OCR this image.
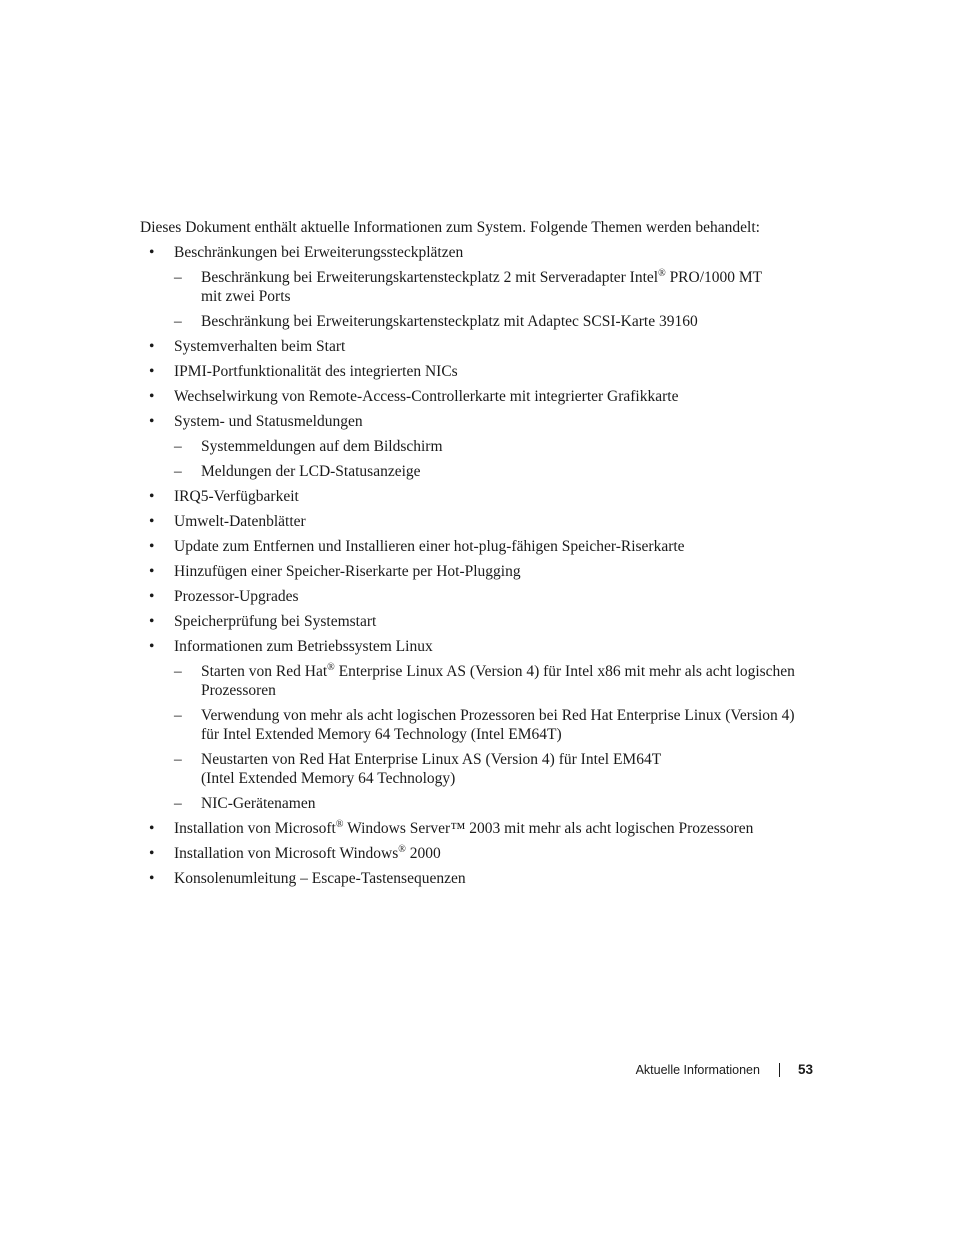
Dieses Dokument enthält aktuelle Informationen zum System. Folgende Themen werden behandelt:

• Beschränkungen bei Erweiterungssteckplätzen
– Beschränkung bei Erweiterungskartensteckplatz 2 mit Serveradapter Intel® PRO/1000 MT
mit zwei Ports
– Beschränkung bei Erweiterungskartensteckplatz mit Adaptec SCSI-Karte 39160
• Systemverhalten beim Start
• IPMI-Portfunktionalität des integrierten NICs
• Wechselwirkung von Remote-Access-Controllerkarte mit integrierter Grafikkarte
• System- und Statusmeldungen
– Systemmeldungen auf dem Bildschirm
– Meldungen der LCD-Statusanzeige
• IRQ5-Verfügbarkeit
• Umwelt-Datenblätter
• Update zum Entfernen und Installieren einer hot-plug-fähigen Speicher-Riserkarte
• Hinzufügen einer Speicher-Riserkarte per Hot-Plugging
• Prozessor-Upgrades
• Speicherprüfung bei Systemstart
• Informationen zum Betriebssystem Linux
– Starten von Red Hat® Enterprise Linux AS (Version 4) für Intel x86 mit mehr als acht logischen
Prozessoren
– Verwendung von mehr als acht logischen Prozessoren bei Red Hat Enterprise Linux (Version 4)
für Intel Extended Memory 64 Technology (Intel EM64T)
– Neustarten von Red Hat Enterprise Linux AS (Version 4) für Intel EM64T
(Intel Extended Memory 64 Technology)
– NIC-Gerätenamen
• Installation von Microsoft® Windows Server™ 2003 mit mehr als acht logischen Prozessoren
• Installation von Microsoft Windows® 2000
• Konsolenumleitung – Escape-Tastensequenzen
Aktuelle Informationen	53
